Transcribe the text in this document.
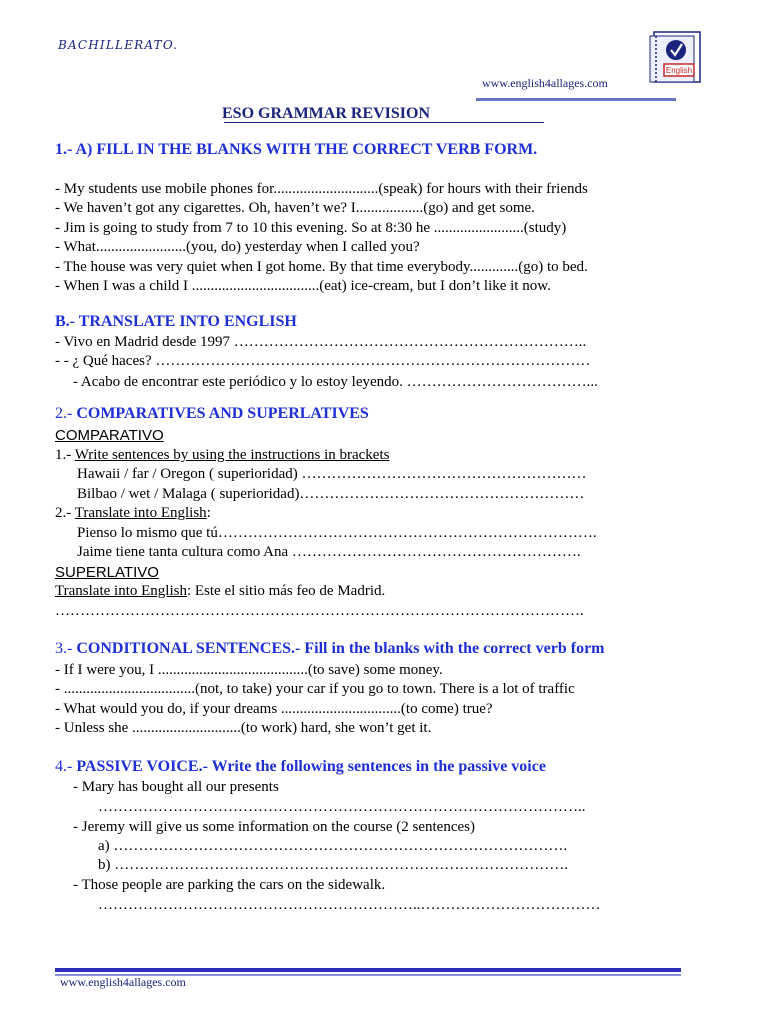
BACHILLERATO.
www.english4allages.com
English
ESO GRAMMAR REVISION
1.- A) FILL IN THE BLANKS WITH THE CORRECT VERB FORM.
- My students use mobile phones for............................(speak) for hours with their friends
- We haven’t got any cigarettes. Oh, haven’t we? I..................(go) and get some.
- Jim is going to study from 7 to 10 this evening. So at 8:30 he ........................(study)
- What........................(you, do) yesterday when I called you?
- The house was very quiet when I got home. By that time everybody.............(go) to bed.
- When I was a child I ..................................(eat) ice-cream, but I don’t like it now.
B.- TRANSLATE INTO ENGLISH
- Vivo en Madrid desde 1997 ……………………………………………………………..
- - ¿ Qué haces? ……………………………………………………………………………
- Acabo de encontrar este periódico y lo estoy leyendo. ………………………………...
2.- COMPARATIVES AND SUPERLATIVES
COMPARATIVO
1.- Write sentences by using the instructions in brackets
Hawaii / far / Oregon ( superioridad) …………………………………………………
Bilbao / wet / Malaga ( superioridad)…………………………………………………
2.- Translate into English:
Pienso lo mismo que tú………………………………………………………………….
Jaime tiene tanta cultura como Ana ………………………………………………….
SUPERLATIVO
Translate into English: Este el sitio más feo de Madrid.
…………………………………………………………………………………………….
3.- CONDITIONAL SENTENCES.- Fill in the blanks with the correct verb form
- If I were you, I ........................................(to save) some money.
- ...................................(not, to take) your car if you go to town. There is a lot of traffic
- What would you do, if your dreams ................................(to come) true?
- Unless she .............................(to work) hard, she won’t get it.
4.- PASSIVE VOICE.- Write the following sentences in the passive voice
- Mary has bought all our presents
……………………………………………………………………………………..
- Jeremy will give us some information on the course (2 sentences)
a) ……………………………………………………………………………….
b) ……………………………………………………………………………….
- Those people are parking the cars on the sidewalk.
………………………………………………………..………………………………
www.english4allages.com
